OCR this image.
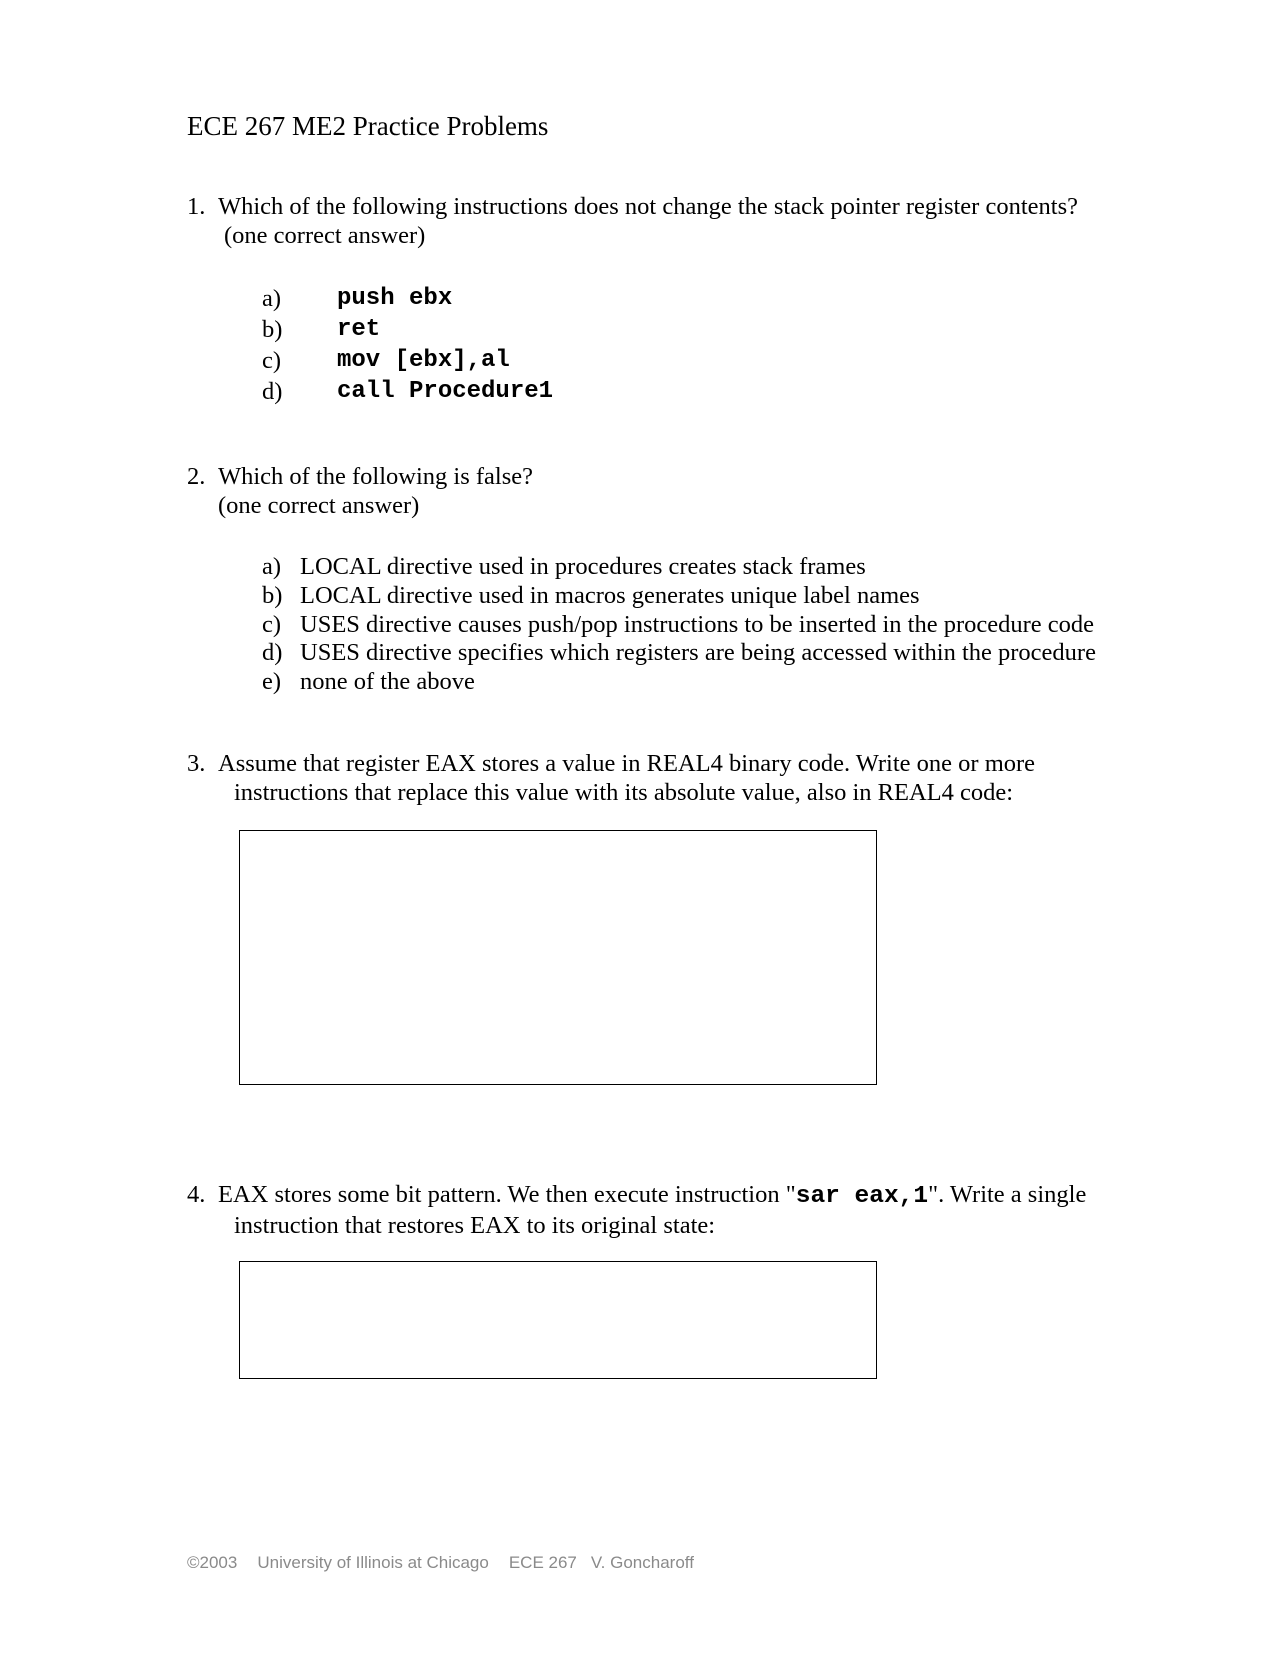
ECE 267 ME2 Practice Problems
1. Which of the following instructions does not change the stack pointer register contents?
(one correct answer)
a)	push ebx
b)	ret
c)	mov [ebx],al
d)	call Procedure1
2. Which of the following is false?
(one correct answer)
a) LOCAL directive used in procedures creates stack frames
b) LOCAL directive used in macros generates unique label names
c) USES directive causes push/pop instructions to be inserted in the procedure code
d) USES directive specifies which registers are being accessed within the procedure
e) none of the above
3. Assume that register EAX stores a value in REAL4 binary code. Write one or more
instructions that replace this value with its absolute value, also in REAL4 code:
4. EAX stores some bit pattern. We then execute instruction "sar eax,1". Write a single
instruction that restores EAX to its original state:
©2003 University of Illinois at Chicago ECE 267 V. Goncharoff
